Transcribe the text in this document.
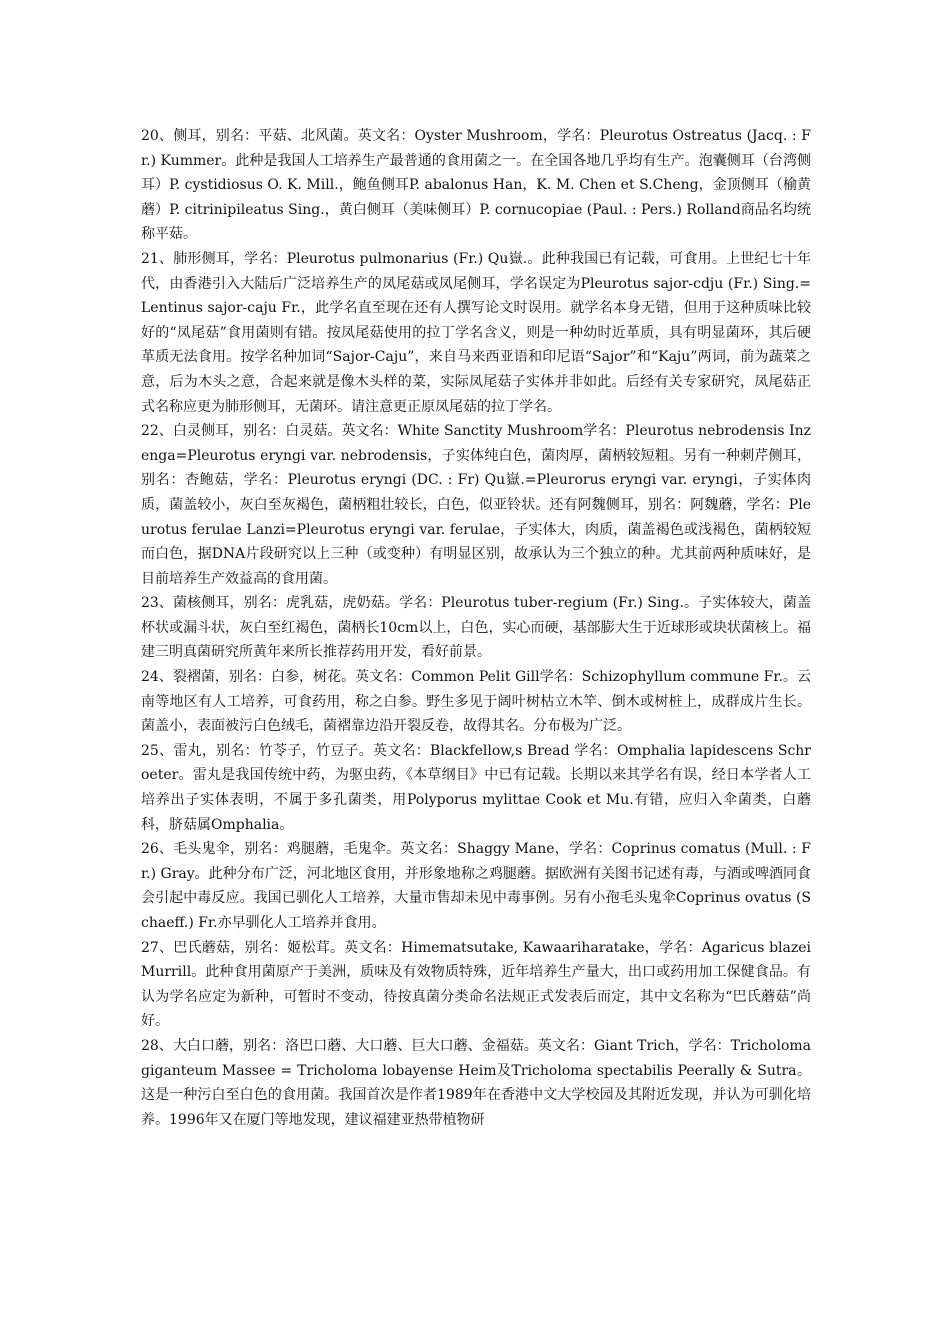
20、侧耳，别名：平菇、北风菌。英文名：Oyster Mushroom，学名：Pleurotus Ostreatus (Jacq. : Fr.) Kummer。此种是我国人工培养生产最普通的食用菌之一。在全国各地几乎均有生产。泡囊侧耳（台湾侧耳）P. cystidiosus O. K. Mill.，鲍鱼侧耳P. abalonus Han，K. M. Chen et S.Cheng，金顶侧耳（榆黄蘑）P. citrinipileatus Sing.，黄白侧耳（美味侧耳）P. cornucopiae (Paul. : Pers.) Rolland商品名均统称平菇。

21、肺形侧耳，学名：Pleurotus pulmonarius (Fr.) Qu嶽.。此种我国已有记载，可食用。上世纪七十年代，由香港引入大陆后广泛培养生产的凤尾菇或凤尾侧耳，学名误定为Pleurotus sajor-cdju (Fr.) Sing.=Lentinus sajor-caju Fr.，此学名直至现在还有人撰写论文时误用。就学名本身无错，但用于这种质味比较好的“凤尾菇”食用菌则有错。按凤尾菇使用的拉丁学名含义，则是一种幼时近革质，具有明显菌环，其后硬革质无法食用。按学名种加词“Sajor-Caju”，来自马来西亚语和印尼语“Sajor”和“Kaju”两词，前为蔬菜之意，后为木头之意，合起来就是像木头样的菜，实际凤尾菇子实体并非如此。后经有关专家研究，凤尾菇正式名称应更为肺形侧耳，无菌环。请注意更正原凤尾菇的拉丁学名。

22、白灵侧耳，别名：白灵菇。英文名：White Sanctity Mushroom学名：Pleurotus nebrodensis Inzenga=Pleurotus eryngi var. nebrodensis，子实体纯白色，菌肉厚，菌柄较短粗。另有一种刺芹侧耳，别名：杏鲍菇，学名：Pleurotus eryngi (DC. : Fr) Qu嶽.=Pleurorus eryngi var. eryngi，子实体肉质，菌盖较小，灰白至灰褐色，菌柄粗壮较长，白色，似亚铃状。还有阿魏侧耳，别名：阿魏蘑，学名：Pleurotus ferulae Lanzi=Pleurotus eryngi var. ferulae，子实体大，肉质，菌盖褐色或浅褐色，菌柄较短而白色，据DNA片段研究以上三种（或变种）有明显区别，故承认为三个独立的种。尤其前两种质味好，是目前培养生产效益高的食用菌。

23、菌核侧耳，别名：虎乳菇，虎奶菇。学名：Pleurotus tuber-regium (Fr.) Sing.。子实体较大，菌盖杯状或漏斗状，灰白至红褐色，菌柄长10cm以上，白色，实心而硬，基部膨大生于近球形或块状菌核上。福建三明真菌研究所黄年来所长推荐药用开发，看好前景。

24、裂褶菌，别名：白参，树花。英文名：Common Pelit Gill学名：Schizophyllum commune Fr.。云南等地区有人工培养，可食药用，称之白参。野生多见于阔叶树枯立木竿、倒木或树桩上，成群成片生长。菌盖小，表面被污白色绒毛，菌褶靠边沿开裂反卷，故得其名。分布极为广泛。

25、雷丸，别名：竹苓子，竹豆子。英文名：Blackfellow,s Bread 学名：Omphalia lapidescens Schroeter。雷丸是我国传统中药，为驱虫药，《本草纲目》中已有记载。长期以来其学名有误，经日本学者人工培养出子实体表明，不属于多孔菌类，用Polyporus mylittae Cook et Mu.有错，应归入伞菌类，白蘑科，脐菇属Omphalia。

26、毛头鬼伞，别名：鸡腿蘑，毛鬼伞。英文名：Shaggy Mane，学名：Coprinus comatus (Mull. : Fr.) Gray。此种分布广泛，河北地区食用，并形象地称之鸡腿蘑。据欧洲有关图书记述有毒，与酒或啤酒同食会引起中毒反应。我国已驯化人工培养，大量市售却未见中毒事例。另有小孢毛头鬼伞Coprinus ovatus (Schaeff.) Fr.亦早驯化人工培养并食用。

27、巴氏蘑菇，别名：姬松茸。英文名：Himematsutake, Kawaariharatake，学名：Agaricus blazei Murrill。此种食用菌原产于美洲，质味及有效物质特殊，近年培养生产量大，出口或药用加工保健食品。有认为学名应定为新种，可暂时不变动，待按真菌分类命名法规正式发表后而定，其中文名称为“巴氏蘑菇”尚好。

28、大白口蘑，别名：洛巴口蘑、大口蘑、巨大口蘑、金福菇。英文名：Giant Trich，学名：Tricholoma giganteum Massee = Tricholoma lobayense Heim及Tricholoma spectabilis Peerally & Sutra。这是一种污白至白色的食用菌。我国首次是作者1989年在香港中文大学校园及其附近发现，并认为可驯化培养。1996年又在厦门等地发现，建议福建亚热带植物研
